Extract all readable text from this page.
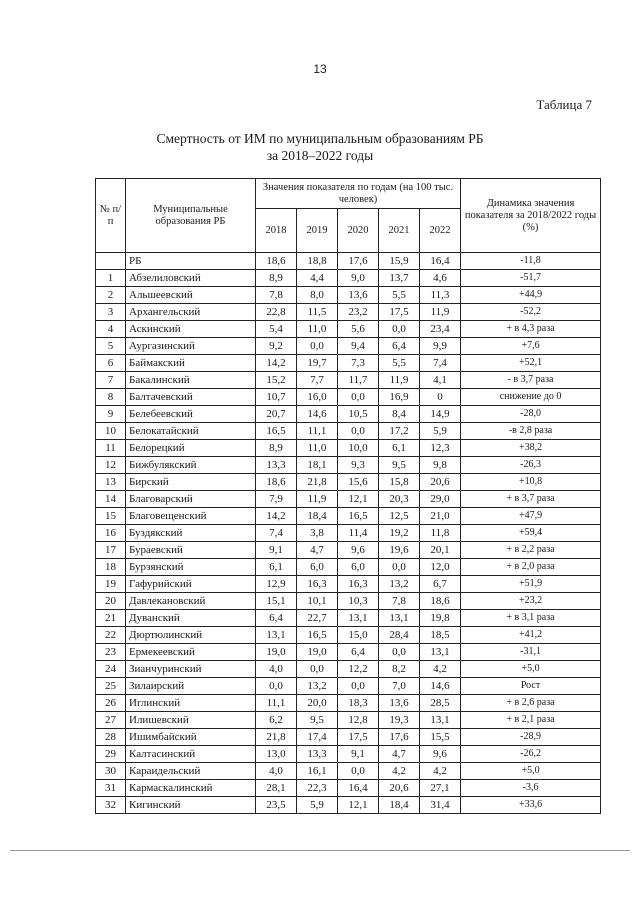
13
Таблица 7
Смертность от ИМ по муниципальным образованиям РБ
за 2018–2022 годы
№ п/п	Муниципальные образования РБ	Значения показателя по годам (на 100 тыс. человек)					Динамика значения показателя за 2018/2022 годы (%)
		2018	2019	2020	2021	2022	
	РБ	18,6	18,8	17,6	15,9	16,4	-11,8
1	Абзелиловский	8,9	4,4	9,0	13,7	4,6	-51,7
2	Альшеевский	7,8	8,0	13,6	5,5	11,3	+44,9
3	Архангельский	22,8	11,5	23,2	17,5	11,9	-52,2
4	Аскинский	5,4	11,0	5,6	0,0	23,4	+ в 4,3 раза
5	Аургазинский	9,2	0,0	9,4	6,4	9,9	+7,6
6	Баймакский	14,2	19,7	7,3	5,5	7,4	+52,1
7	Бакалинский	15,2	7,7	11,7	11,9	4,1	- в 3,7 раза
8	Балтачевский	10,7	16,0	0,0	16,9	0	снижение до 0
9	Белебеевский	20,7	14,6	10,5	8,4	14,9	-28,0
10	Белокатайский	16,5	11,1	0,0	17,2	5,9	-в 2,8 раза
11	Белорецкий	8,9	11,0	10,0	6,1	12,3	+38,2
12	Бижбулякский	13,3	18,1	9,3	9,5	9,8	-26,3
13	Бирский	18,6	21,8	15,6	15,8	20,6	+10,8
14	Благоварский	7,9	11,9	12,1	20,3	29,0	+ в 3,7 раза
15	Благовещенский	14,2	18,4	16,5	12,5	21,0	+47,9
16	Буздякский	7,4	3,8	11,4	19,2	11,8	+59,4
17	Бураевский	9,1	4,7	9,6	19,6	20,1	+ в 2,2 раза
18	Бурзянский	6,1	6,0	6,0	0,0	12,0	+ в 2,0 раза
19	Гафурийский	12,9	16,3	16,3	13,2	6,7	+51,9
20	Давлекановский	15,1	10,1	10,3	7,8	18,6	+23,2
21	Дуванский	6,4	22,7	13,1	13,1	19,8	+ в 3,1 раза
22	Дюртюлинский	13,1	16,5	15,0	28,4	18,5	+41,2
23	Ермекеевский	19,0	19,0	6,4	0,0	13,1	-31,1
24	Зианчуринский	4,0	0,0	12,2	8,2	4,2	+5,0
25	Зилаирский	0,0	13,2	0,0	7,0	14,6	Рост
26	Иглинский	11,1	20,0	18,3	13,6	28,5	+ в 2,6 раза
27	Илишевский	6,2	9,5	12,8	19,3	13,1	+ в 2,1 раза
28	Ишимбайский	21,8	17,4	17,5	17,6	15,5	-28,9
29	Калтасинский	13,0	13,3	9,1	4,7	9,6	-26,2
30	Караидельский	4,0	16,1	0,0	4,2	4,2	+5,0
31	Кармаскалинский	28,1	22,3	16,4	20,6	27,1	-3,6
32	Кигинский	23,5	5,9	12,1	18,4	31,4	+33,6
